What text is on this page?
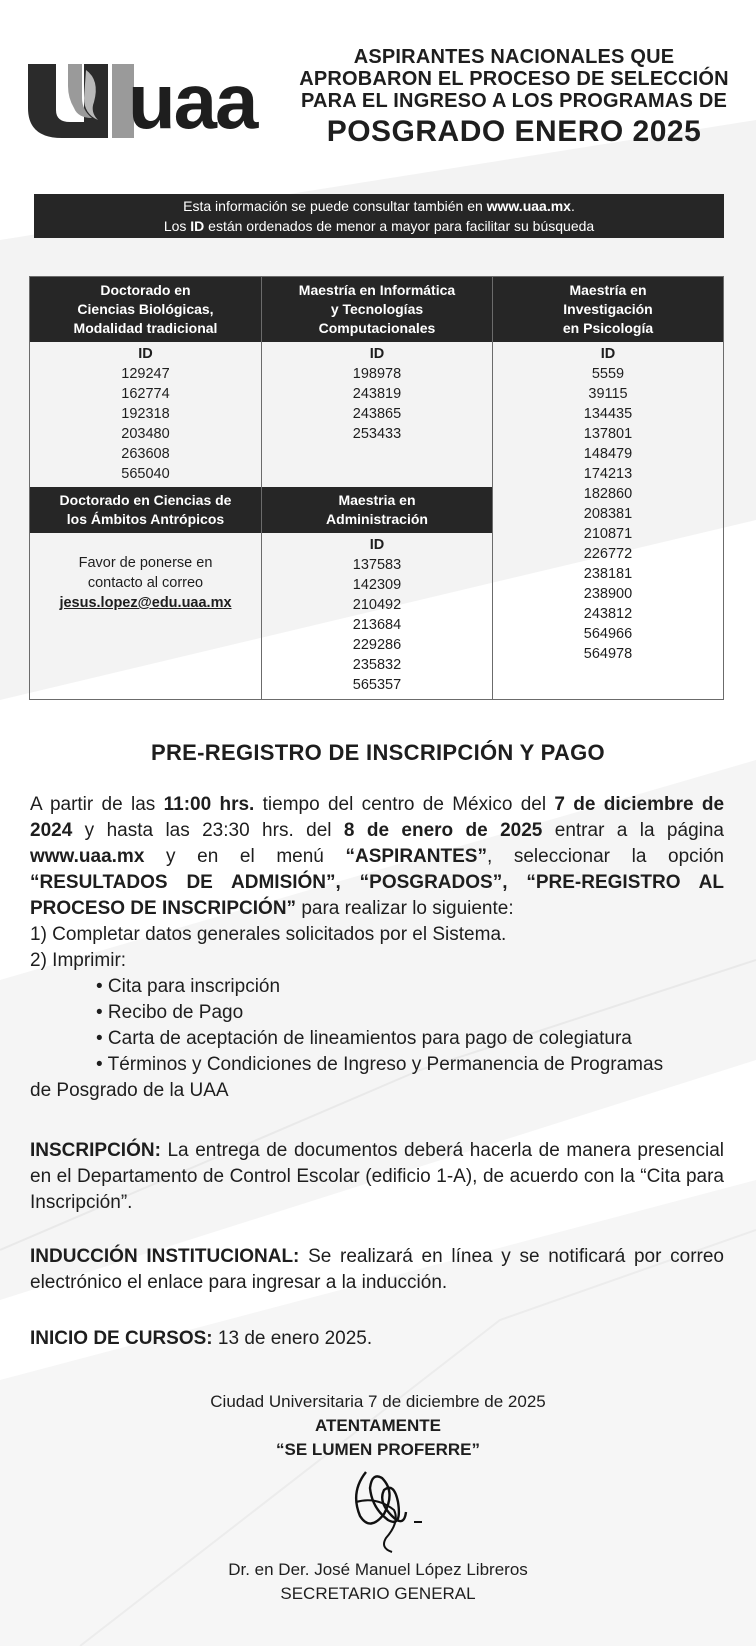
uaa	ASPIRANTES NACIONALES QUE
APROBARON EL PROCESO DE SELECCIÓN
PARA EL INGRESO A LOS PROGRAMAS DE
POSGRADO ENERO 2025
Esta información se puede consultar también en www.uaa.mx.
Los ID están ordenados de menor a mayor para facilitar su búsqueda
Doctorado en
Ciencias Biológicas,
Modalidad tradicional
ID
129247
162774
192318
203480
263608
565040
Maestría en Informática
y Tecnologías
Computacionales
ID
198978
243819
243865
253433
Maestría en
Investigación
en Psicología
ID
5559
39115
134435
137801
148479
174213
182860
208381
210871
226772
238181
238900
243812
564966
564978
Doctorado en Ciencias de
los Ámbitos Antrópicos
Maestria en
Administración
Favor de ponerse en
contacto al correo
jesus.lopez@edu.uaa.mx
ID
137583
142309
210492
213684
229286
235832
565357
PRE-REGISTRO DE INSCRIPCIÓN Y PAGO
A partir de las 11:00 hrs. tiempo del centro de México del 7 de diciembre de 2024 y hasta las 23:30 hrs. del 8 de enero de 2025 entrar a la página www.uaa.mx y en el menú “ASPIRANTES”, seleccionar la opción “RESULTADOS DE ADMISIÓN”, “POSGRADOS”, “PRE-REGISTRO AL PROCESO DE INSCRIPCIÓN” para realizar lo siguiente:
1) Completar datos generales solicitados por el Sistema.
2) Imprimir:
• Cita para inscripción
• Recibo de Pago
• Carta de aceptación de lineamientos para pago de colegiatura
• Términos y Condiciones de Ingreso y Permanencia de Programas
de Posgrado de la UAA
INSCRIPCIÓN: La entrega de documentos deberá hacerla de manera presencial en el Departamento de Control Escolar (edificio 1-A), de acuerdo con la “Cita para Inscripción”.
INDUCCIÓN INSTITUCIONAL: Se realizará en línea y se notificará por correo electrónico el enlace para ingresar a la inducción.
INICIO DE CURSOS: 13 de enero 2025.
Ciudad Universitaria 7 de diciembre de 2025
ATENTAMENTE
“SE LUMEN PROFERRE”
Dr. en Der. José Manuel López Libreros
SECRETARIO GENERAL
